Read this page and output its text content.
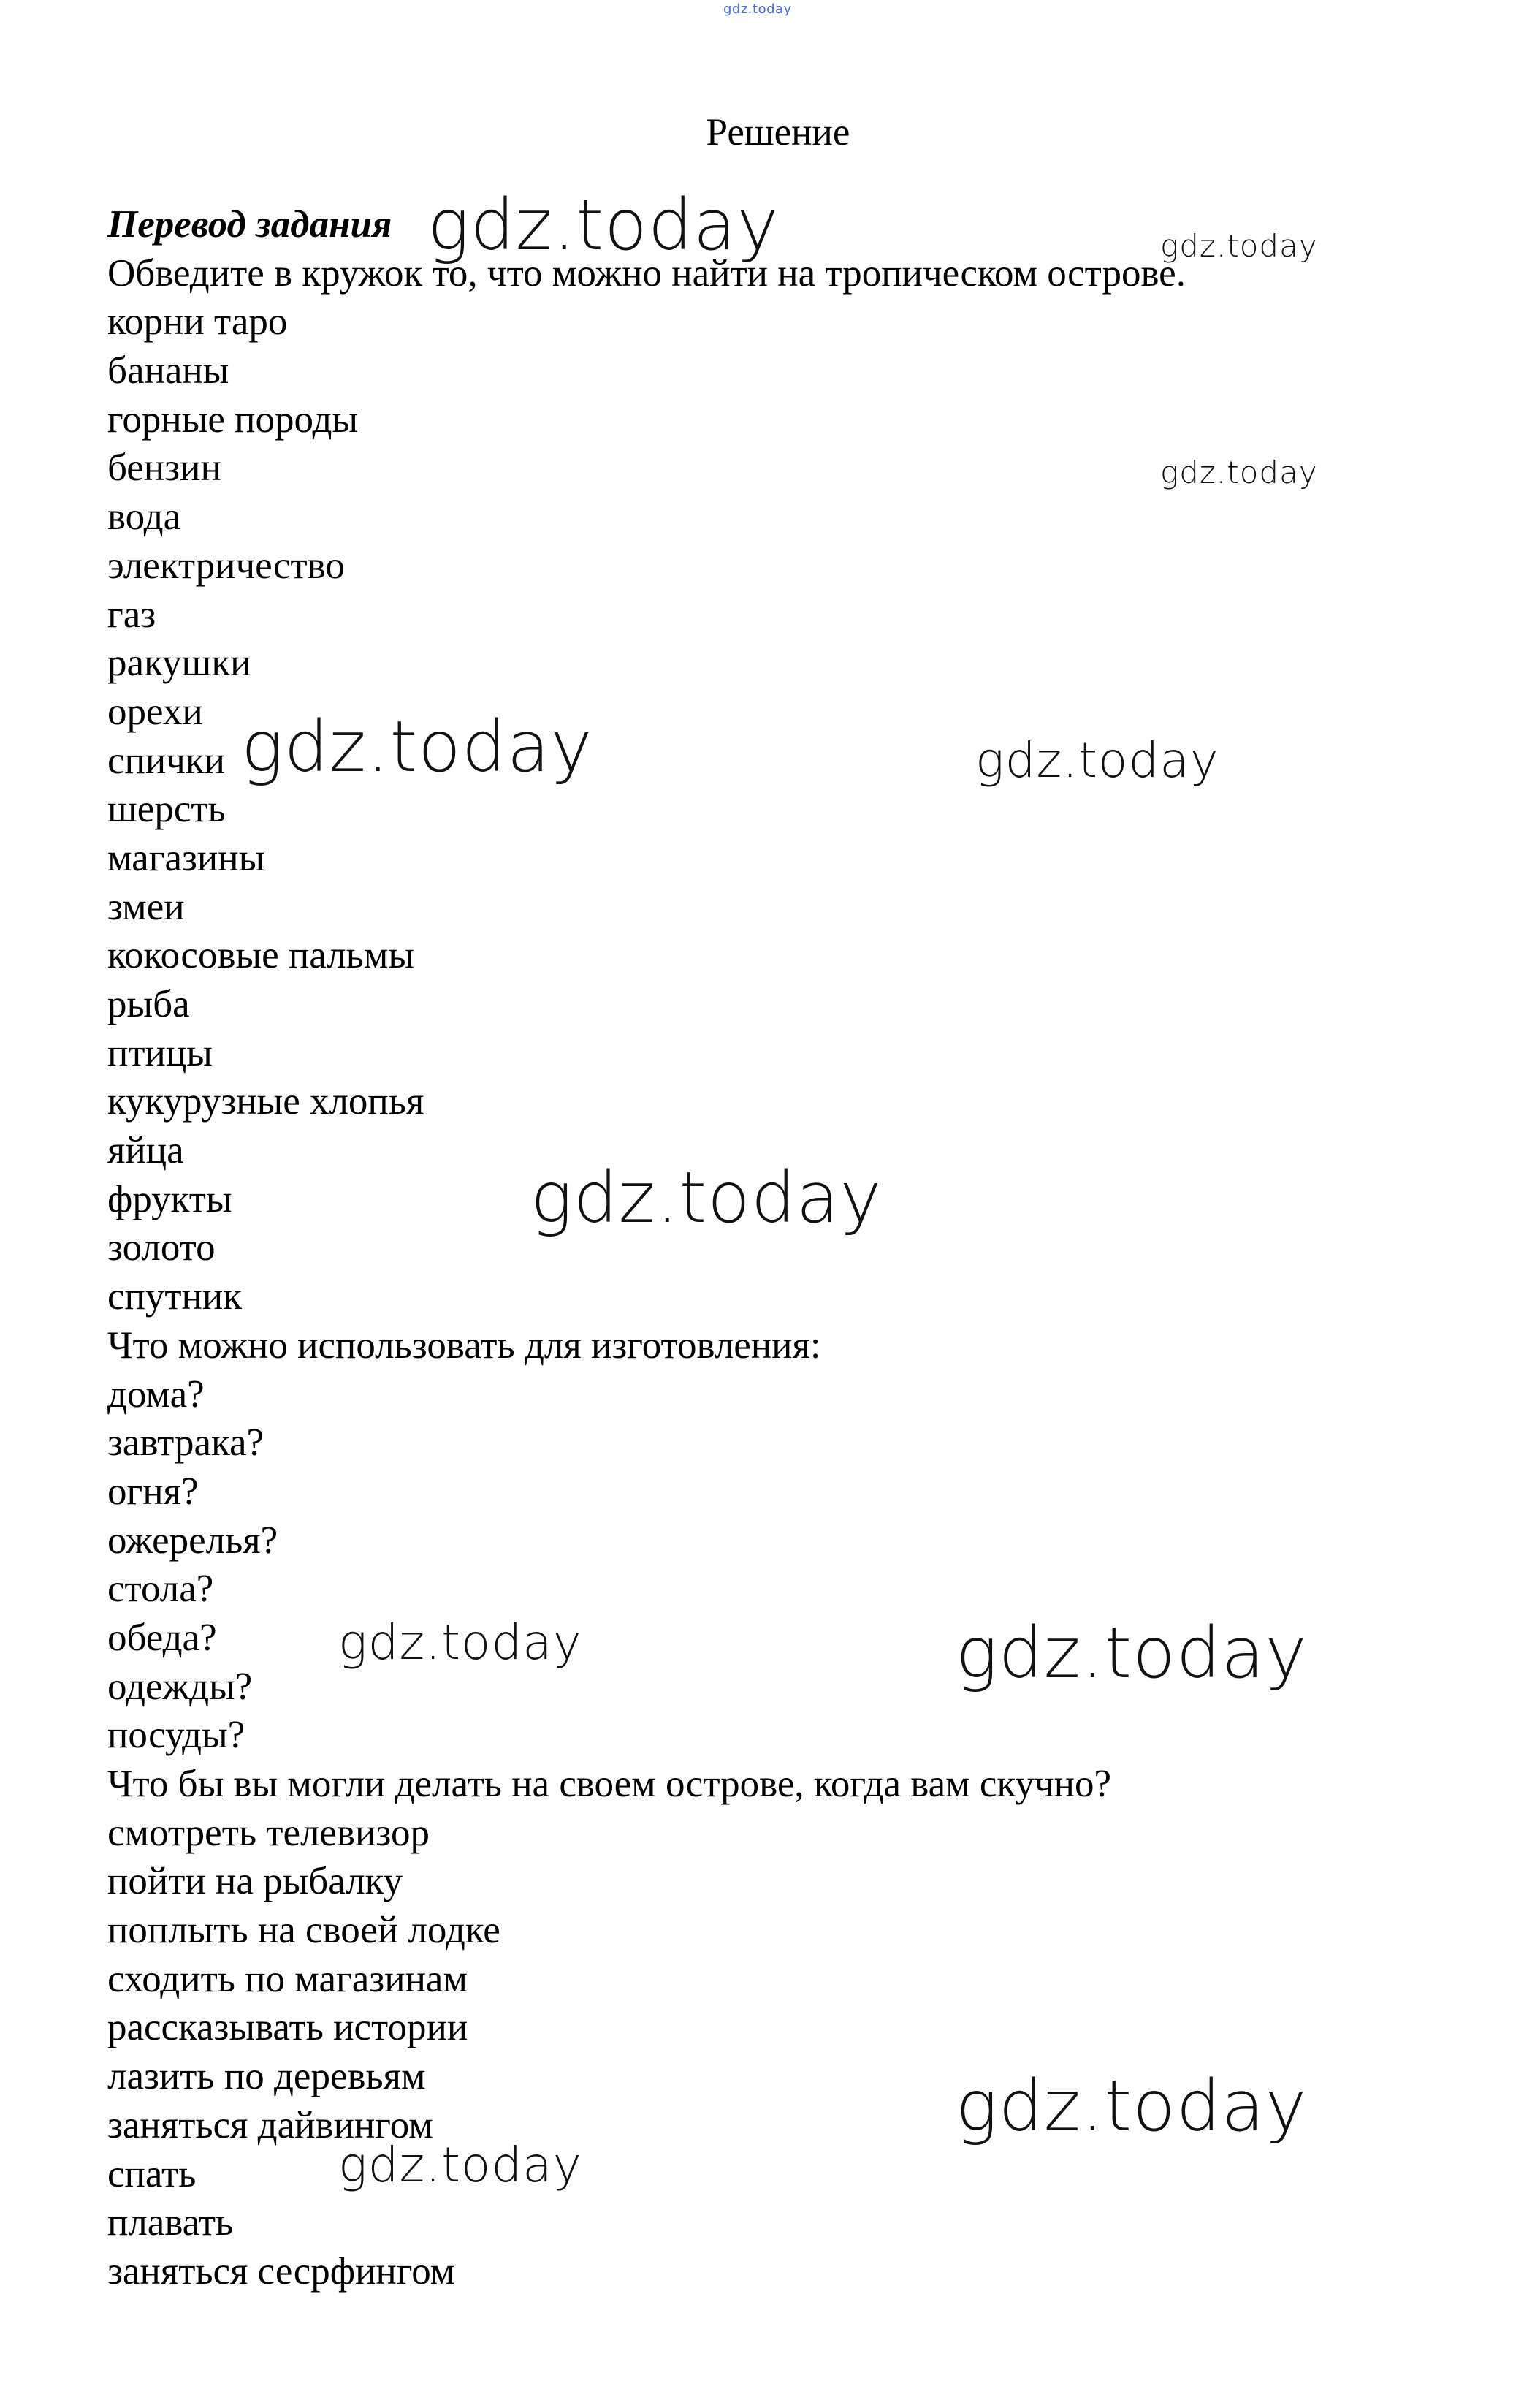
gdz.today
Решение
Перевод задания
Обведите в кружок то, что можно найти на тропическом острове.
корни таро
бананы
горные породы
бензин
вода
электричество
газ
ракушки
орехи
спички
шерсть
магазины
змеи
кокосовые пальмы
рыба
птицы
кукурузные хлопья
яйца
фрукты
золото
спутник
Что можно использовать для изготовления:
дома?
завтрака?
огня?
ожерелья?
стола?
обеда?
одежды?
посуды?
Что бы вы могли делать на своем острове, когда вам скучно?
смотреть телевизор
пойти на рыбалку
поплыть на своей лодке
сходить по магазинам
рассказывать истории
лазить по деревьям
заняться дайвингом
спать
плавать
заняться сесрфингом
gdz.today	gdz.today
gdz.today
gdz.today	gdz.today
gdz.today
gdz.today	gdz.today
gdz.today
gdz.today
